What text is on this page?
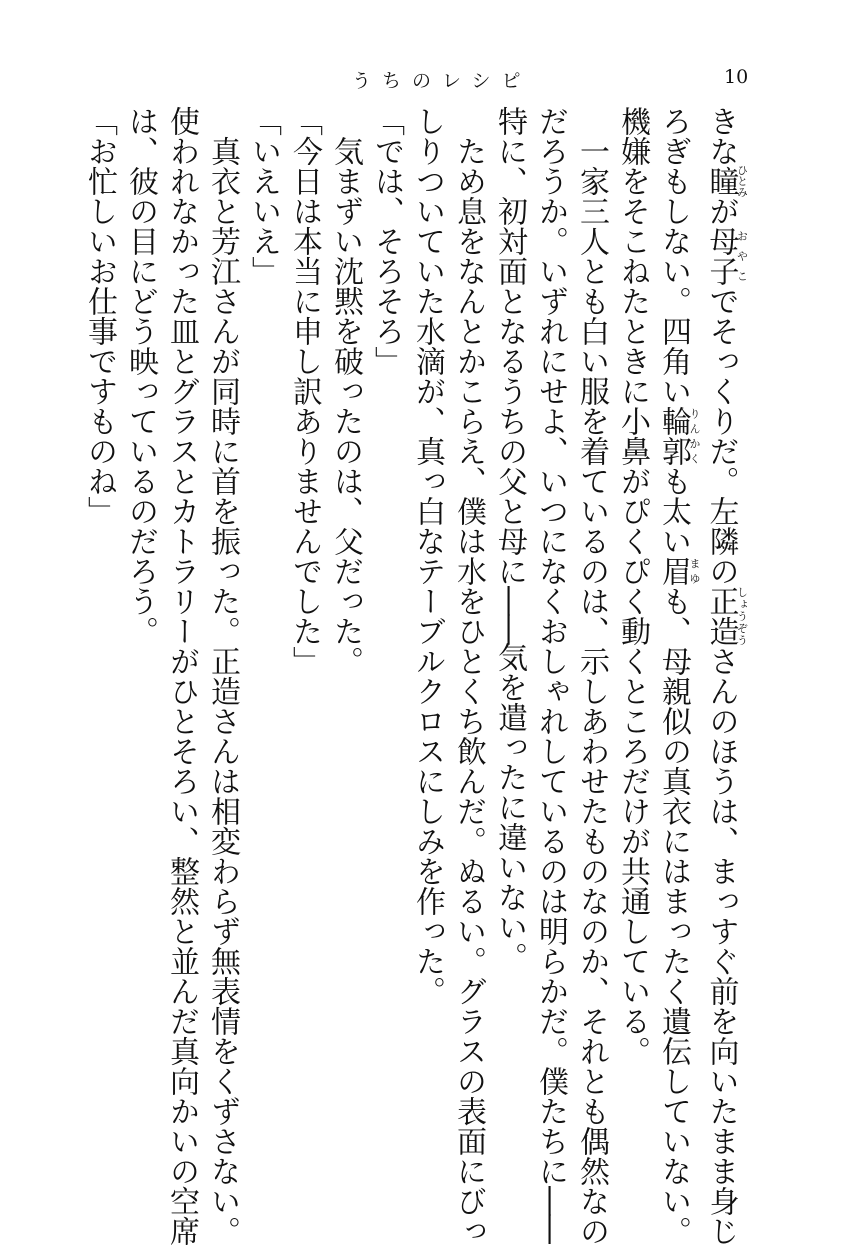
うちのレシピ	10
きな瞳ひとみが母子おやこでそっくりだ。左隣の正造しょうぞうさんのほうは、まっすぐ前を向いたまま身じ
ろぎもしない。四角い輪郭りんかくも太い眉まゆも、母親似の真衣にはまったく遺伝していない。
機嫌をそこねたときに小鼻がぴくぴく動くところだけが共通している。
　一家三人とも白い服を着ているのは、示しあわせたものなのか、それとも偶然なの
だろうか。いずれにせよ、いつになくおしゃれしているのは明らかだ。僕たちに――
特に、初対面となるうちの父と母に――気を遣ったに違いない。
　ため息をなんとかこらえ、僕は水をひとくち飲んだ。ぬるい。グラスの表面にびっ
しりついていた水滴が、真っ白なテーブルクロスにしみを作った。
「では、そろそろ」
　気まずい沈黙を破ったのは、父だった。
「今日は本当に申し訳ありませんでした」
「いえいえ」
　真衣と芳江さんが同時に首を振った。正造さんは相変わらず無表情をくずさない。
使われなかった皿とグラスとカトラリーがひとそろい、整然と並んだ真向かいの空席
は、彼の目にどう映っているのだろう。
「お忙しいお仕事ですものね」
